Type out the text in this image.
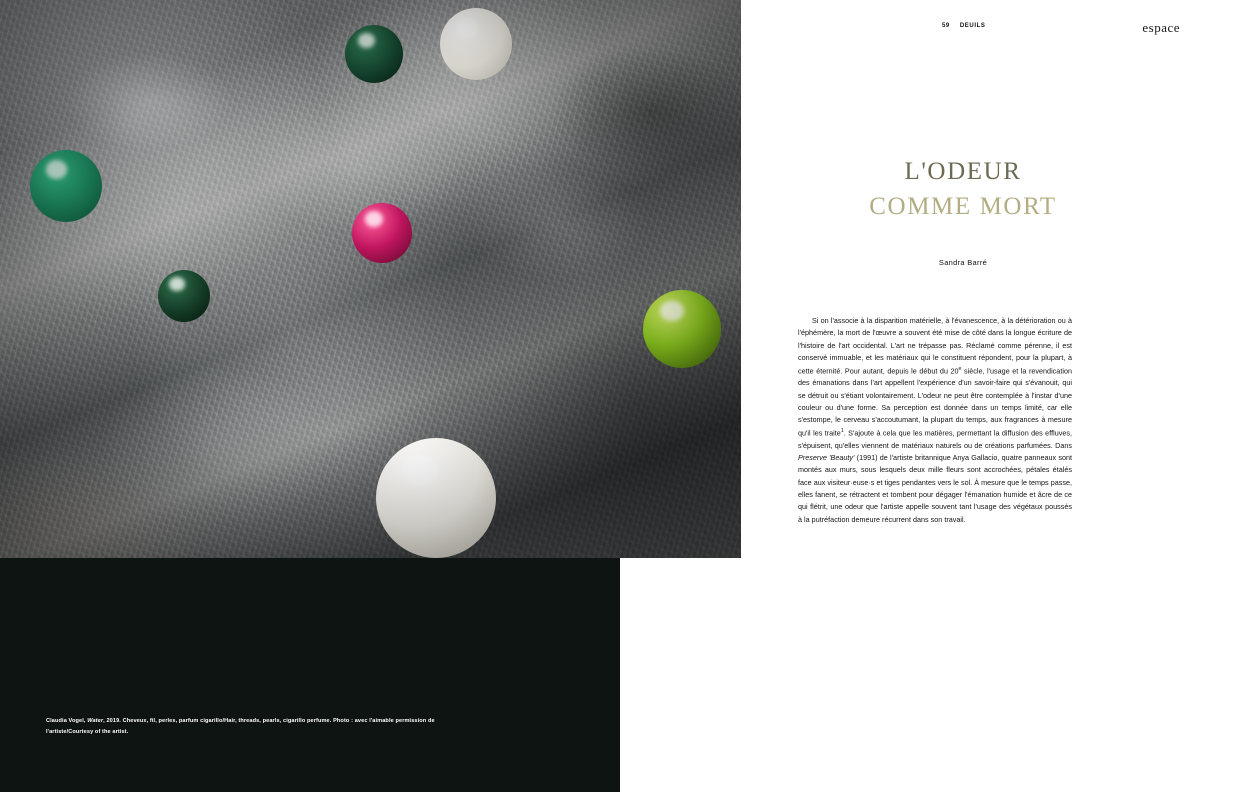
Claudia Vogel, Water, 2019. Cheveux, fil, perles, parfum cigarillo/Hair, threads, pearls, cigarillo perfume. Photo : avec l'aimable permission de l'artiste/Courtesy of the artist.
59 DEUILS	espace
L'ODEUR
COMME MORT
Sandra Barré
Si on l'associe à la disparition matérielle, à l'évanescence, à la détérioration ou à l'éphémère, la mort de l'œuvre a souvent été mise de côté dans la longue écriture de l'histoire de l'art occidental. L'art ne trépasse pas. Réclamé comme pérenne, il est conservé immuable, et les matériaux qui le constituent répondent, pour la plupart, à cette éternité. Pour autant, depuis le début du 20e siècle, l'usage et la revendication des émanations dans l'art appellent l'expérience d'un savoir-faire qui s'évanouit, qui se détruit ou s'étiant volontairement. L'odeur ne peut être contemplée à l'instar d'une couleur ou d'une forme. Sa perception est donnée dans un temps limité, car elle s'estompe, le cerveau s'accoutumant, la plupart du temps, aux fragrances à mesure qu'il les traite$^1$. S'ajoute à cela que les matières, permettant la diffusion des effluves, s'épuisent, qu'elles viennent de matériaux naturels ou de créations parfumées. Dans Preserve 'Beauty' (1991) de l'artiste britannique Anya Gallacio, quatre panneaux sont montés aux murs, sous lesquels deux mille fleurs sont accrochées, pétales étalés face aux visiteur·euse·s et tiges pendantes vers le sol. À mesure que le temps passe, elles fanent, se rétractent et tombent pour dégager l'émanation humide et âcre de ce qui flétrit, une odeur que l'artiste appelle souvent tant l'usage des végétaux poussés à la putréfaction demeure récurrent dans son travail.
